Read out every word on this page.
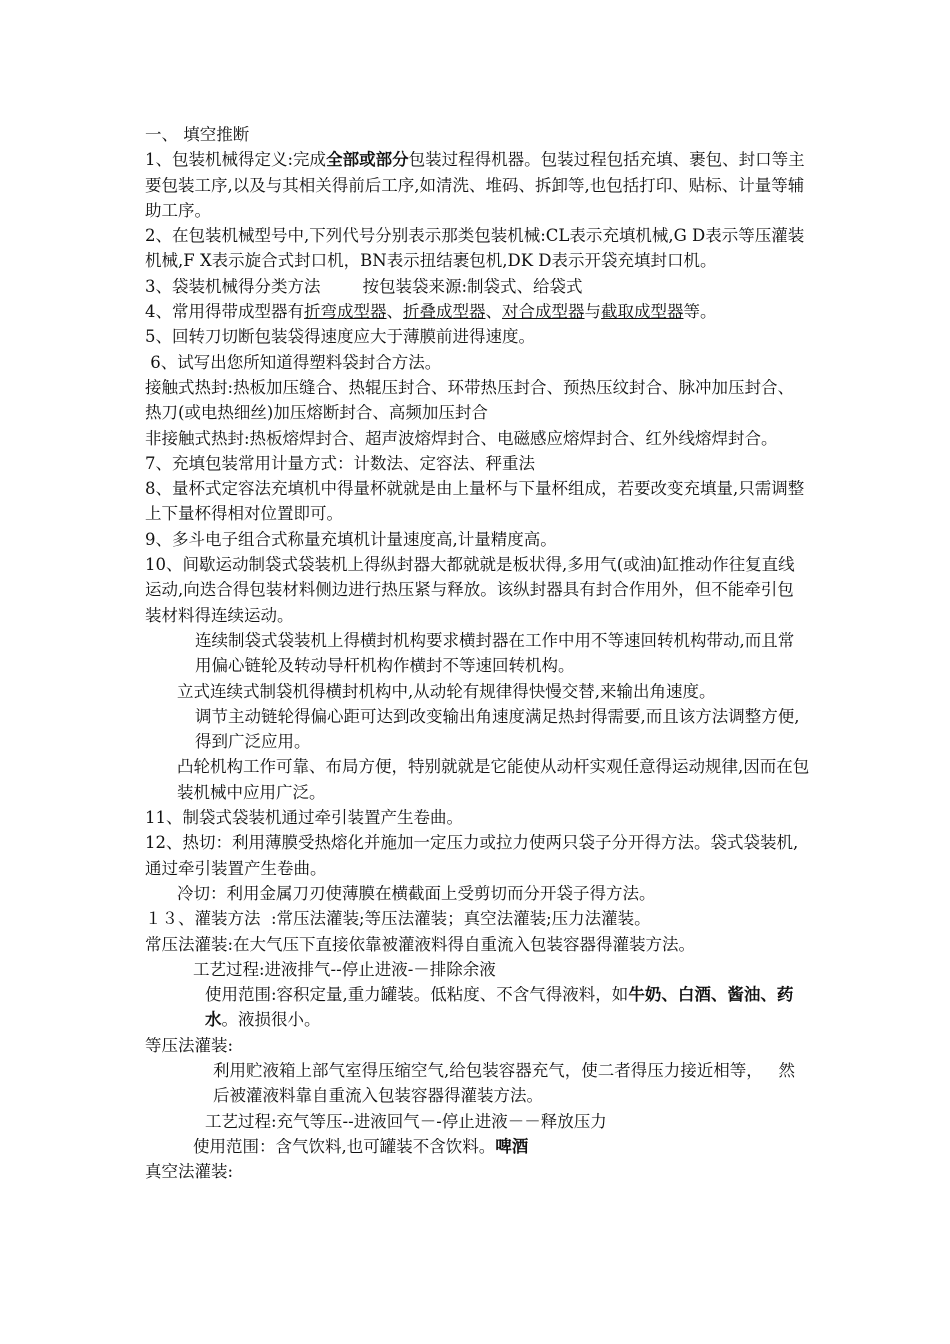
一、 填空推断

1、包装机械得定义:完成全部或部分包装过程得机器。包装过程包括充填、裹包、封口等主要包装工序,以及与其相关得前后工序,如清洗、堆码、拆卸等,也包括打印、贴标、计量等辅助工序。

2、在包装机械型号中,下列代号分别表示那类包装机械:CL表示充填机械,G D表示等压灌装机械,F X表示旋合式封口机，BN表示扭结裹包机,DK D表示开袋充填封口机。

3、袋装机械得分类方法        按包装袋来源:制袋式、给袋式

4、常用得带成型器有折弯成型器、折叠成型器、对合成型器与截取成型器等。

5、回转刀切断包装袋得速度应大于薄膜前进得速度。

6、试写出您所知道得塑料袋封合方法。

接触式热封:热板加压缝合、热辊压封合、环带热压封合、预热压纹封合、脉冲加压封合、热刀(或电热细丝)加压熔断封合、高频加压封合

非接触式热封:热板熔焊封合、超声波熔焊封合、电磁感应熔焊封合、红外线熔焊封合。

7、充填包装常用计量方式：计数法、定容法、秤重法

8、量杯式定容法充填机中得量杯就就是由上量杯与下量杯组成，若要改变充填量,只需调整上下量杯得相对位置即可。

9、多斗电子组合式称量充填机计量速度高,计量精度高。

10、间歇运动制袋式袋装机上得纵封器大都就就是板状得,多用气(或油)缸推动作往复直线运动,向迭合得包装材料侧边进行热压紧与释放。该纵封器具有封合作用外，但不能牵引包装材料得连续运动。

连续制袋式袋装机上得横封机构要求横封器在工作中用不等速回转机构带动,而且常用偏心链轮及转动导杆机构作横封不等速回转机构。

立式连续式制袋机得横封机构中,从动轮有规律得快慢交替,来输出角速度。

调节主动链轮得偏心距可达到改变输出角速度满足热封得需要,而且该方法调整方便,得到广泛应用。

凸轮机构工作可靠、布局方便，特别就就是它能使从动杆实观任意得运动规律,因而在包装机械中应用广泛。

11、制袋式袋装机通过牵引装置产生卷曲。

12、热切：利用薄膜受热熔化并施加一定压力或拉力使两只袋子分开得方法。袋式袋装机,通过牵引装置产生卷曲。

冷切：利用金属刀刃使薄膜在横截面上受剪切而分开袋子得方法。

１３、灌装方法  :常压法灌装;等压法灌装；真空法灌装;压力法灌装。

常压法灌装:在大气压下直接依靠被灌液料得自重流入包装容器得灌装方法。

工艺过程:进液排气--停止进液-－排除余液

使用范围:容积定量,重力罐装。低粘度、不含气得液料，如牛奶、白酒、酱油、药水。液损很小。

等压法灌装:

利用贮液箱上部气室得压缩空气,给包装容器充气，使二者得压力接近相等，   然后被灌液料靠自重流入包装容器得灌装方法。

工艺过程:充气等压--进液回气－-停止进液－－释放压力

使用范围：含气饮料,也可罐装不含饮料。啤酒

真空法灌装:
